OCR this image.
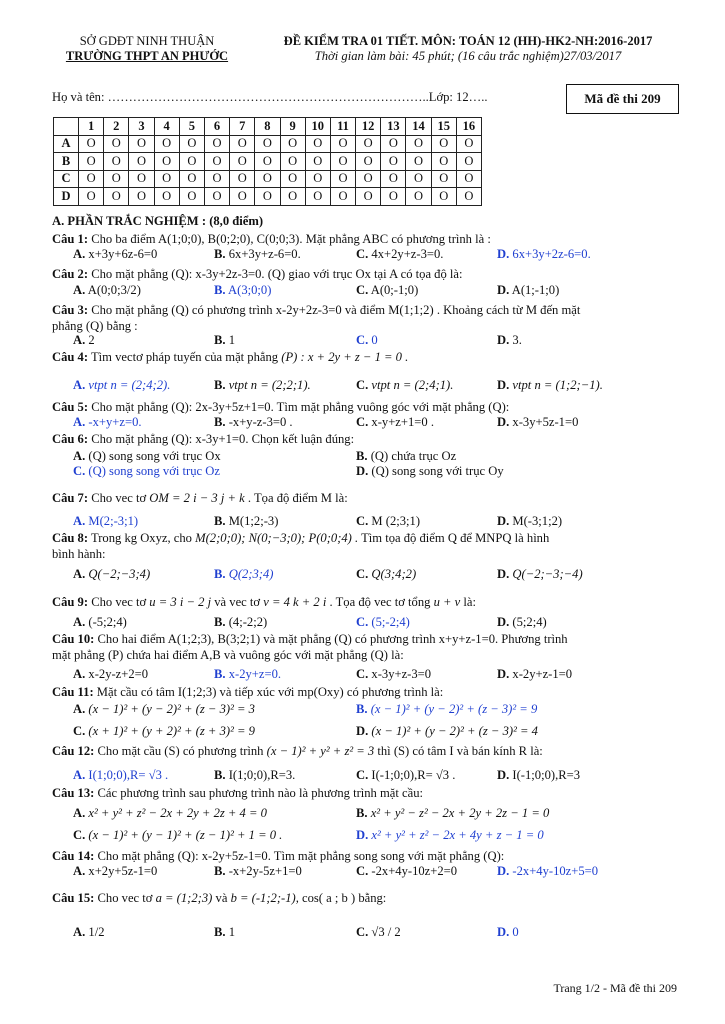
SỞ GDĐT NINH THUẬN
TRƯỜNG THPT AN PHƯỚC
ĐỀ KIỂM TRA 01 TIẾT. MÔN: TOÁN 12 (HH)-HK2-NH:2016-2017
Thời gian làm bài: 45 phút; (16 câu trắc nghiệm)27/03/2017
Họ và tên: …………………………………………………………………..Lớp: 12…..	Mã đề thi 209
	1	2	3	4	5	6	7	8	9	10	11	12	13	14	15	16
A	O	O	O	O	O	O	O	O	O	O	O	O	O	O	O	O
B	O	O	O	O	O	O	O	O	O	O	O	O	O	O	O	O
C	O	O	O	O	O	O	O	O	O	O	O	O	O	O	O	O
D	O	O	O	O	O	O	O	O	O	O	O	O	O	O	O	O
A. PHẦN TRẮC NGHIỆM : (8,0 điểm)
Câu 1: Cho ba điểm A(1;0;0), B(0;2;0), C(0;0;3). Mặt phẳng ABC có phương trình là :
A. x+3y+6z-6=0	B. 6x+3y+z-6=0.	C. 4x+2y+z-3=0.	D. 6x+3y+2z-6=0.
Câu 2: Cho mặt phẳng (Q): x-3y+2z-3=0. (Q) giao với trục Ox tại A có tọa độ là:
A. A(0;0;3/2)	B. A(3;0;0)	C. A(0;-1;0)	D. A(1;-1;0)
Câu 3: Cho mặt phẳng (Q) có phương trình x-2y+2z-3=0 và điểm M(1;1;2) . Khoảng cách từ M đến mặt
phẳng (Q) bằng :
A. 2	B. 1	C. 0	D. 3.
Câu 4: Tìm vectơ pháp tuyến của mặt phẳng (P) : x + 2y + z − 1 = 0 .
A. vtpt n = (2;4;2).	B. vtpt n = (2;2;1).	C. vtpt n = (2;4;1).	D. vtpt n = (1;2;−1).
Câu 5: Cho mặt phẳng (Q): 2x-3y+5z+1=0. Tìm mặt phẳng vuông góc với mặt phẳng (Q):
A. -x+y+z=0.	B. -x+y-z-3=0 .	C. x-y+z+1=0 .	D. x-3y+5z-1=0
Câu 6: Cho mặt phẳng (Q): x-3y+1=0. Chọn kết luận đúng:
A. (Q) song song với trục Ox	B. (Q) chứa trục Oz
C. (Q) song song với trục Oz	D. (Q) song song với trục Oy
Câu 7: Cho vec tơ OM = 2 i − 3 j + k . Tọa độ điểm M là:
A. M(2;-3;1)	B. M(1;2;-3)	C. M (2;3;1)	D. M(-3;1;2)
Câu 8: Trong kg Oxyz, cho M(2;0;0); N(0;−3;0); P(0;0;4) . Tìm tọa độ điểm Q để MNPQ là hình
bình hành:
A. Q(−2;−3;4)	B. Q(2;3;4)	C. Q(3;4;2)	D. Q(−2;−3;−4)
Câu 9: Cho vec tơ u = 3 i − 2 j và vec tơ v = 4 k + 2 i . Tọa độ vec tơ tổng u + v là:
A. (-5;2;4)	B. (4;-2;2)	C. (5;-2;4)	D. (5;2;4)
Câu 10: Cho hai điểm A(1;2;3), B(3;2;1) và mặt phẳng (Q) có phương trình x+y+z-1=0. Phương trình
mặt phẳng (P) chứa hai điểm A,B và vuông góc với mặt phẳng (Q) là:
A. x-2y-z+2=0	B. x-2y+z=0.	C. x-3y+z-3=0	D. x-2y+z-1=0
Câu 11: Mặt cầu có tâm I(1;2;3) và tiếp xúc với mp(Oxy) có phương trình là:
A. (x − 1)² + (y − 2)² + (z − 3)² = 3	B. (x − 1)² + (y − 2)² + (z − 3)² = 9
C. (x + 1)² + (y + 2)² + (z + 3)² = 9	D. (x − 1)² + (y − 2)² + (z − 3)² = 4
Câu 12: Cho mặt cầu (S) có phương trình (x − 1)² + y² + z² = 3 thì (S) có tâm I và bán kính R là:
A. I(1;0;0),R= √3 .	B. I(1;0;0),R=3.	C. I(-1;0;0),R= √3 .	D. I(-1;0;0),R=3
Câu 13: Các phương trình sau phương trình nào là phương trình mặt cầu:
A. x² + y² + z² − 2x + 2y + 2z + 4 = 0	B. x² + y² − z² − 2x + 2y + 2z − 1 = 0
C. (x − 1)² + (y − 1)² + (z − 1)² + 1 = 0 .	D. x² + y² + z² − 2x + 4y + z − 1 = 0
Câu 14: Cho mặt phẳng (Q): x-2y+5z-1=0. Tìm mặt phẳng song song với mặt phẳng (Q):
A. x+2y+5z-1=0	B. -x+2y-5z+1=0	C. -2x+4y-10z+2=0	D. -2x+4y-10z+5=0
Câu 15: Cho vec tơ a = (1;2;3) và b = (-1;2;-1), cos( a ; b ) bằng:
A. 1/2	B. 1	C. √3 / 2	D. 0
Trang 1/2 - Mã đề thi 209
